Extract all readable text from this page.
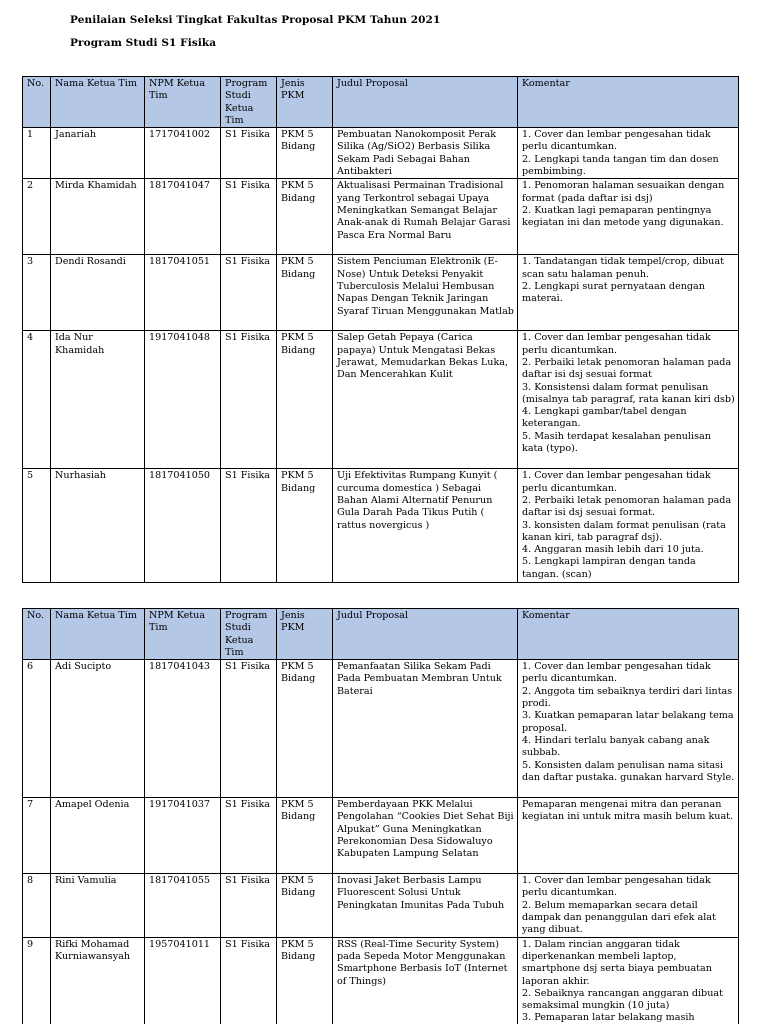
Penilaian Seleksi Tingkat Fakultas Proposal PKM Tahun 2021
Program Studi S1 Fisika
No.	Nama Ketua Tim	NPM Ketua Tim	Program Studi Ketua Tim	Jenis PKM	Judul Proposal	Komentar
1	Janariah	1717041002	S1 Fisika	PKM 5 Bidang	Pembuatan Nanokomposit Perak Silika (Ag/SiO2) Berbasis Silika Sekam Padi Sebagai Bahan Antibakteri	1. Cover dan lembar pengesahan tidak perlu dicantumkan.
2. Lengkapi tanda tangan tim dan dosen pembimbing.

2	Mirda Khamidah	1817041047	S1 Fisika	PKM 5 Bidang	Aktualisasi Permainan Tradisional yang Terkontrol sebagai Upaya Meningkatkan Semangat Belajar Anak-anak di Rumah Belajar Garasi Pasca Era Normal Baru	1. Penomoran halaman sesuaikan dengan format (pada daftar isi dsj)
2. Kuatkan lagi pemaparan pentingnya kegiatan ini dan metode yang digunakan.

3	Dendi Rosandi	1817041051	S1 Fisika	PKM 5 Bidang	Sistem Penciuman Elektronik (E-Nose) Untuk Deteksi Penyakit Tuberculosis Melalui Hembusan Napas Dengan Teknik Jaringan Syaraf Tiruan Menggunakan Matlab	1. Tandatangan tidak tempel/crop, dibuat scan satu halaman penuh.
2. Lengkapi surat pernyataan dengan materai.

4	Ida Nur Khamidah	1917041048	S1 Fisika	PKM 5 Bidang	Salep Getah Pepaya (Carica papaya) Untuk Mengatasi Bekas Jerawat, Memudarkan Bekas Luka, Dan Mencerahkan Kulit	1. Cover dan lembar pengesahan tidak perlu dicantumkan.
2. Perbaiki letak penomoran halaman pada daftar isi dsj sesuai format
3. Konsistensi dalam format penulisan (misalnya tab paragraf, rata kanan kiri dsb)
4. Lengkapi gambar/tabel dengan keterangan.
5. Masih terdapat kesalahan penulisan kata (typo).

5	Nurhasiah	1817041050	S1 Fisika	PKM 5 Bidang	Uji Efektivitas Rumpang Kunyit ( curcuma domestica ) Sebagai Bahan Alami Alternatif Penurun Gula Darah Pada Tikus Putih ( rattus novergicus )	1. Cover dan lembar pengesahan tidak perlu dicantumkan.
2. Perbaiki letak penomoran halaman pada daftar isi dsj sesuai format.
3. konsisten dalam format penulisan (rata kanan kiri, tab paragraf dsj).
4. Anggaran masih lebih dari 10 juta.
5. Lengkapi lampiran dengan tanda tangan. (scan)
No.	Nama Ketua Tim	NPM Ketua Tim	Program Studi Ketua Tim	Jenis PKM	Judul Proposal	Komentar
6	Adi Sucipto	1817041043	S1 Fisika	PKM 5 Bidang	Pemanfaatan Silika Sekam Padi Pada Pembuatan Membran Untuk Baterai	1. Cover dan lembar pengesahan tidak perlu dicantumkan.
2. Anggota tim sebaiknya terdiri dari lintas prodi.
3. Kuatkan pemaparan latar belakang tema proposal.
4. Hindari terlalu banyak cabang anak subbab.
5. Konsisten dalam penulisan nama sitasi dan daftar pustaka. gunakan harvard Style.

7	Amapel Odenia	1917041037	S1 Fisika	PKM 5 Bidang	Pemberdayaan PKK Melalui Pengolahan “Cookies Diet Sehat Biji Alpukat” Guna Meningkatkan Perekonomian Desa Sidowaluyo Kabupaten Lampung Selatan	Pemaparan mengenai mitra dan peranan kegiatan ini untuk mitra masih belum kuat.

8	Rini Vamulia	1817041055	S1 Fisika	PKM 5 Bidang	Inovasi Jaket Berbasis Lampu Fluorescent Solusi Untuk Peningkatan Imunitas Pada Tubuh	1. Cover dan lembar pengesahan tidak perlu dicantumkan.
2. Belum memaparkan secara detail dampak dan penanggulan dari efek alat yang dibuat.

9	Rifki Mohamad Kurniawansyah	1957041011	S1 Fisika	PKM 5 Bidang	RSS (Real-Time Security System) pada Sepeda Motor Menggunakan Smartphone Berbasis IoT (Internet of Things)	1. Dalam rincian anggaran tidak diperkenankan membeli laptop, smartphone dsj serta biaya pembuatan laporan akhir.
2. Sebaiknya rancangan anggaran dibuat semaksimal mungkin (10 juta)
3. Pemaparan latar belakang masih
